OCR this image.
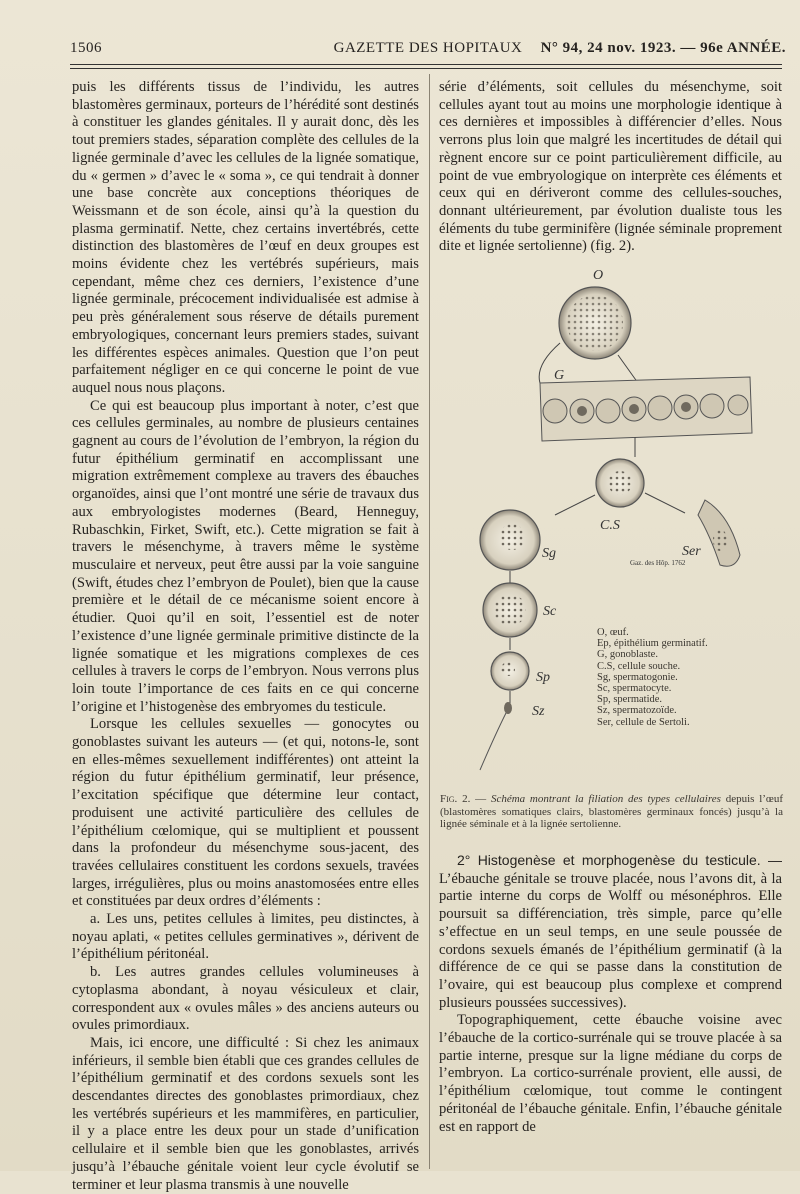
1506	GAZETTE DES HOPITAUX	N° 94, 24 nov. 1923. — 96e ANNÉE.

puis les différents tissus de l’individu, les autres blastomères germinaux, porteurs de l’hérédité sont destinés à constituer les glandes génitales. Il y aurait donc, dès les tout premiers stades, séparation complète des cellules de la lignée germinale d’avec les cellules de la lignée somatique, du « germen » d’avec le « soma », ce qui tendrait à donner une base concrète aux conceptions théoriques de Weissmann et de son école, ainsi qu’à la question du plasma germinatif. Nette, chez certains invertébrés, cette distinction des blastomères de l’œuf en deux groupes est moins évidente chez les vertébrés supérieurs, mais cependant, même chez ces derniers, l’existence d’une lignée germinale, précocement individualisée est admise à peu près généralement sous réserve de détails purement embryologiques, concernant leurs premiers stades, suivant les différentes espèces animales. Question que l’on peut parfaitement négliger en ce qui concerne le point de vue auquel nous nous plaçons.

Ce qui est beaucoup plus important à noter, c’est que ces cellules germinales, au nombre de plusieurs centaines gagnent au cours de l’évolution de l’embryon, la région du futur épithélium germinatif en accomplissant une migration extrêmement complexe au travers des ébauches organoïdes, ainsi que l’ont montré une série de travaux dus aux embryologistes modernes (Beard, Henneguy, Rubaschkin, Firket, Swift, etc.). Cette migration se fait à travers le mésenchyme, à travers même le système musculaire et nerveux, peut être aussi par la voie sanguine (Swift, études chez l’embryon de Poulet), bien que la cause première et le détail de ce mécanisme soient encore à étudier. Quoi qu’il en soit, l’essentiel est de noter l’existence d’une lignée germinale primitive distincte de la lignée somatique et les migrations complexes de ces cellules à travers le corps de l’embryon. Nous verrons plus loin toute l’importance de ces faits en ce qui concerne l’origine et l’histogenèse des embryomes du testicule.

Lorsque les cellules sexuelles — gonocytes ou gonoblastes suivant les auteurs — (et qui, notons-le, sont en elles-mêmes sexuellement indifférentes) ont atteint la région du futur épithélium germinatif, leur présence, l’excitation spécifique que détermine leur contact, produisent une activité particulière des cellules de l’épithélium cœlomique, qui se multiplient et poussent dans la profondeur du mésenchyme sous-jacent, des travées cellulaires constituent les cordons sexuels, travées larges, irrégulières, plus ou moins anastomosées entre elles et constituées par deux ordres d’éléments :

a. Les uns, petites cellules à limites, peu distinctes, à noyau aplati, « petites cellules germinatives », dérivent de l’épithélium péritonéal.

b. Les autres grandes cellules volumineuses à cytoplasma abondant, à noyau vésiculeux et clair, correspondent aux « ovules mâles » des anciens auteurs ou ovules primordiaux.

Mais, ici encore, une difficulté : Si chez les animaux inférieurs, il semble bien établi que ces grandes cellules de l’épithélium germinatif et des cordons sexuels sont les descendantes directes des gonoblastes primordiaux, chez les vertébrés supérieurs et les mammifères, en particulier, il y a place entre les deux pour un stade d’unification cellulaire et il semble bien que les gonoblastes, arrivés jusqu’à l’ébauche génitale voient leur cycle évolutif se terminer et leur plasma transmis à une nouvelle

série d’éléments, soit cellules du mésenchyme, soit cellules ayant tout au moins une morphologie identique à ces dernières et impossibles à différencier d’elles. Nous verrons plus loin que malgré les incertitudes de détail qui règnent encore sur ce point particulièrement difficile, au point de vue embryologique on interprète ces éléments et ceux qui en dériveront comme des cellules-souches, donnant ultérieurement, par évolution dualiste tous les éléments du tube germinifère (lignée séminale proprement dite et lignée sertolienne) (fig. 2).

O
G
C.S
Sg	Ser
Gaz. des Hôp. 1762
Sc
Sp
Sz
O, œuf.
Ep, épithélium germinatif.
G, gonoblaste.
C.S, cellule souche.
Sg, spermatogonie.
Sc, spermatocyte.
Sp, spermatide.
Sz, spermatozoïde.
Ser, cellule de Sertoli.
Fig. 2. — Schéma montrant la filiation des types cellulaires depuis l’œuf (blastomères somatiques clairs, blastomères germinaux foncés) jusqu’à la lignée séminale et à la lignée sertolienne.

2° Histogenèse et morphogenèse du testicule. — L’ébauche génitale se trouve placée, nous l’avons dit, à la partie interne du corps de Wolff ou mésonéphros. Elle poursuit sa différenciation, très simple, parce qu’elle s’effectue en un seul temps, en une seule poussée de cordons sexuels émanés de l’épithélium germinatif (à la différence de ce qui se passe dans la constitution de l’ovaire, qui est beaucoup plus complexe et comprend plusieurs poussées successives).

Topographiquement, cette ébauche voisine avec l’ébauche de la cortico-surrénale qui se trouve placée à sa partie interne, presque sur la ligne médiane du corps de l’embryon. La cortico-surrénale provient, elle aussi, de l’épithélium cœlomique, tout comme le contingent péritonéal de l’ébauche génitale. Enfin, l’ébauche génitale est en rapport de
